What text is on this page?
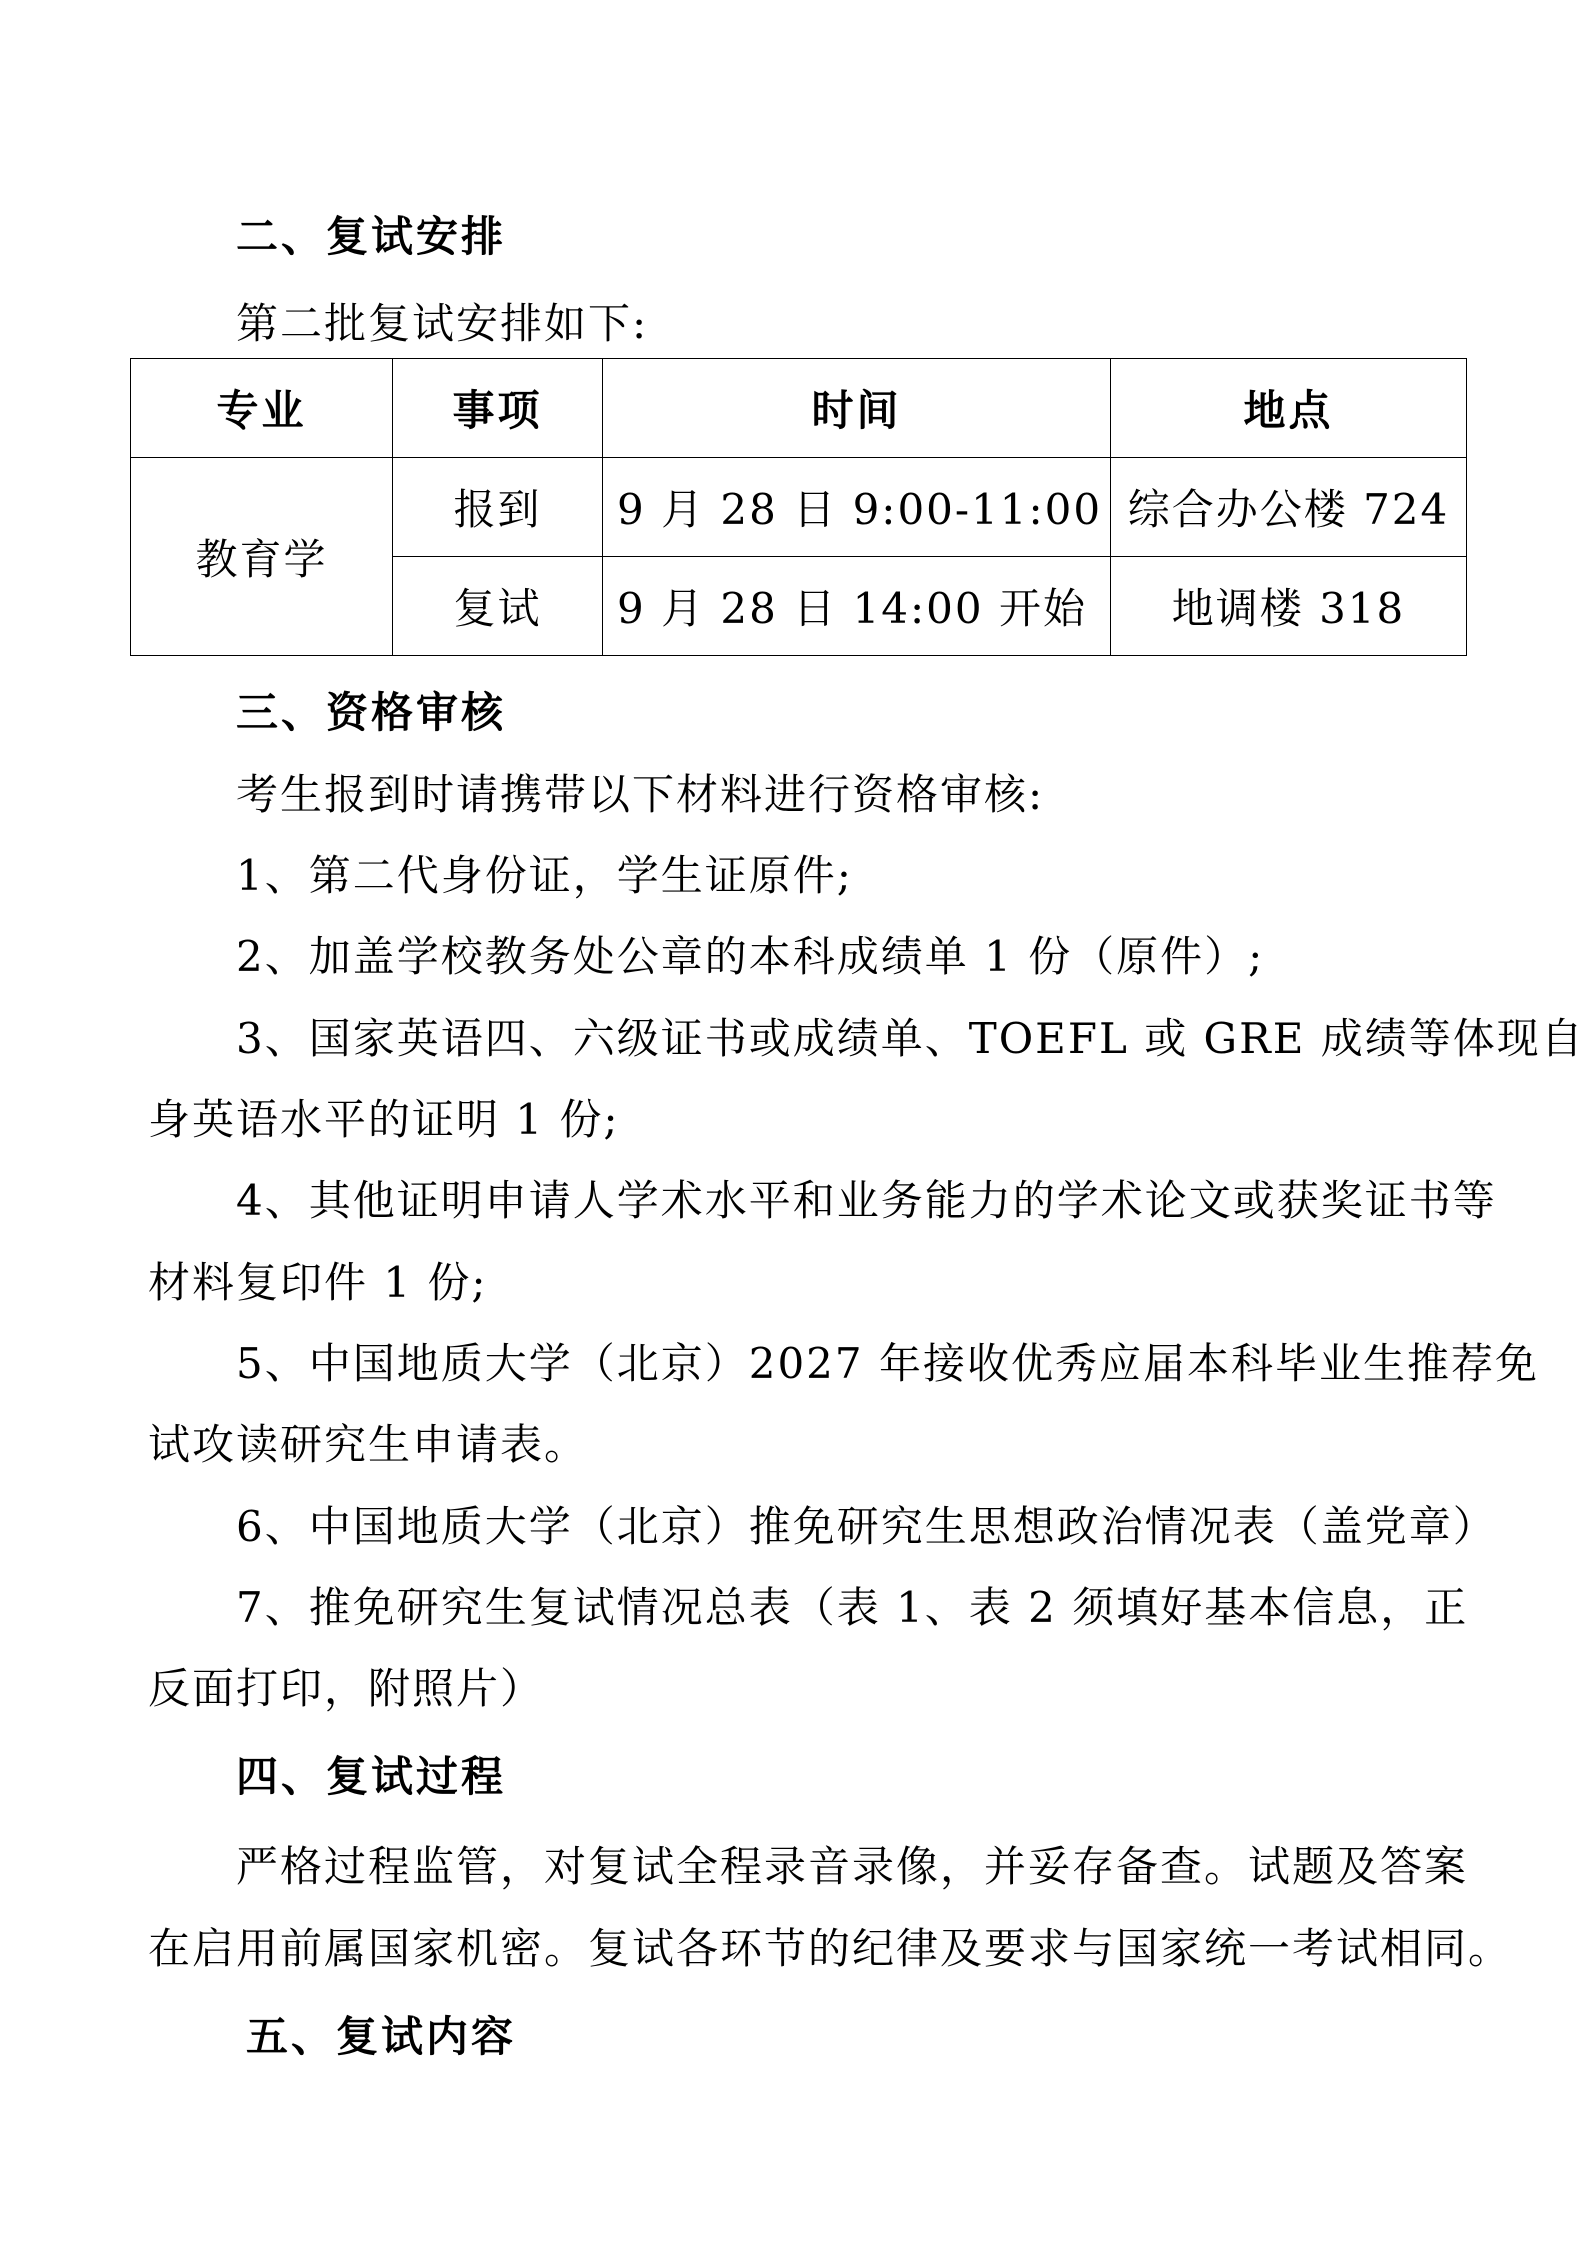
二、复试安排
第二批复试安排如下:
专业	事项	时间	地点
教育学	报到	9 月 28 日 9:00-11:00	综合办公楼 724
	复试	9 月 28 日 14:00 开始	地调楼 318
三、资格审核
考生报到时请携带以下材料进行资格审核:
1、第二代身份证，学生证原件;
2、加盖学校教务处公章的本科成绩单 1 份（原件）;
3、国家英语四、六级证书或成绩单、TOEFL 或 GRE 成绩等体现自
身英语水平的证明 1 份;
4、其他证明申请人学术水平和业务能力的学术论文或获奖证书等
材料复印件 1 份;
5、中国地质大学（北京）2027 年接收优秀应届本科毕业生推荐免
试攻读研究生申请表。
6、中国地质大学（北京）推免研究生思想政治情况表（盖党章）
7、推免研究生复试情况总表（表 1、表 2 须填好基本信息，正
反面打印，附照片）
四、复试过程
严格过程监管，对复试全程录音录像，并妥存备查。试题及答案
在启用前属国家机密。复试各环节的纪律及要求与国家统一考试相同。
五、复试内容
